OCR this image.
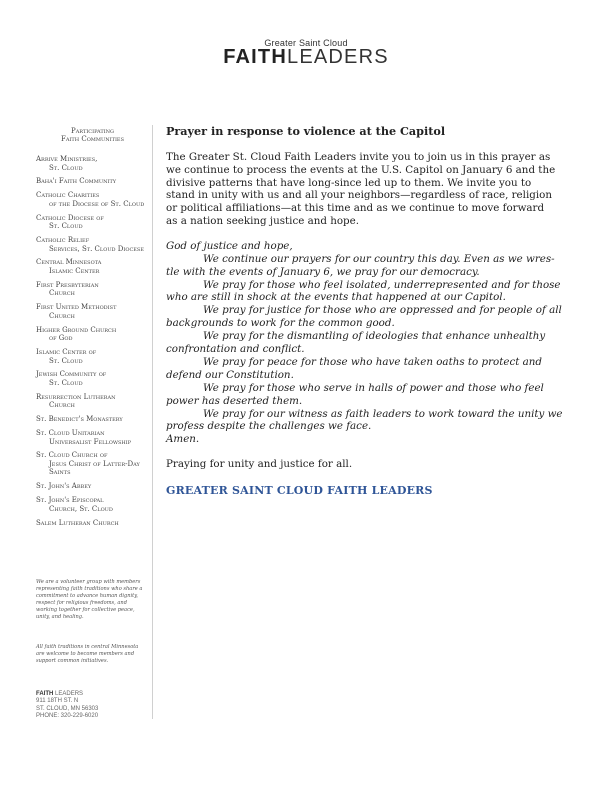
Greater Saint Cloud
FAITHLEADERS
Participating
Faith Communities
Arrive Ministries,
St. Cloud
Baha'i Faith Community
Catholic Charities
of the Diocese of St. Cloud
Catholic Diocese of
St. Cloud
Catholic Relief
Services, St. Cloud Diocese
Central Minnesota
Islamic Center
First Presbyterian
Church
First United Methodist
Church
Higher Ground Church
of God
Islamic Center of
St. Cloud
Jewish Community of
St. Cloud
Resurrection Lutheran
Church
St. Benedict's Monastery
St. Cloud Unitarian
Universalist Fellowship
St. Cloud Church of
Jesus Christ of Latter-Day Saints
St. John's Abbey
St. John's Episcopal
Church, St. Cloud
Salem Lutheran Church
We are a volunteer group with members representing faith traditions who share a commitment to advance human dignity, respect for religious freedoms, and working together for collective peace, unity, and healing.
All faith traditions in central Minnesota are welcome to become members and support common initiatives.
FAITH LEADERS
911 18TH ST. N
ST. CLOUD, MN 56303
PHONE: 320-229-6020
Prayer in response to violence at the Capitol
The Greater St. Cloud Faith Leaders invite you to join us in this prayer as
we continue to process the events at the U.S. Capitol on January 6 and the
divisive patterns that have long-since led up to them. We invite you to
stand in unity with us and all your neighbors—regardless of race, religion
or political affiliations—at this time and as we continue to move forward
as a nation seeking justice and hope.
God of justice and hope,
We continue our prayers for our country this day. Even as we wres-
tle with the events of January 6, we pray for our democracy.
We pray for those who feel isolated, underrepresented and for those
who are still in shock at the events that happened at our Capitol.
We pray for justice for those who are oppressed and for people of all
backgrounds to work for the common good.
We pray for the dismantling of ideologies that enhance unhealthy
confrontation and conflict.
We pray for peace for those who have taken oaths to protect and
defend our Constitution.
We pray for those who serve in halls of power and those who feel
power has deserted them.
We pray for our witness as faith leaders to work toward the unity we
profess despite the challenges we face.
Amen.
Praying for unity and justice for all.
GREATER SAINT CLOUD FAITH LEADERS
